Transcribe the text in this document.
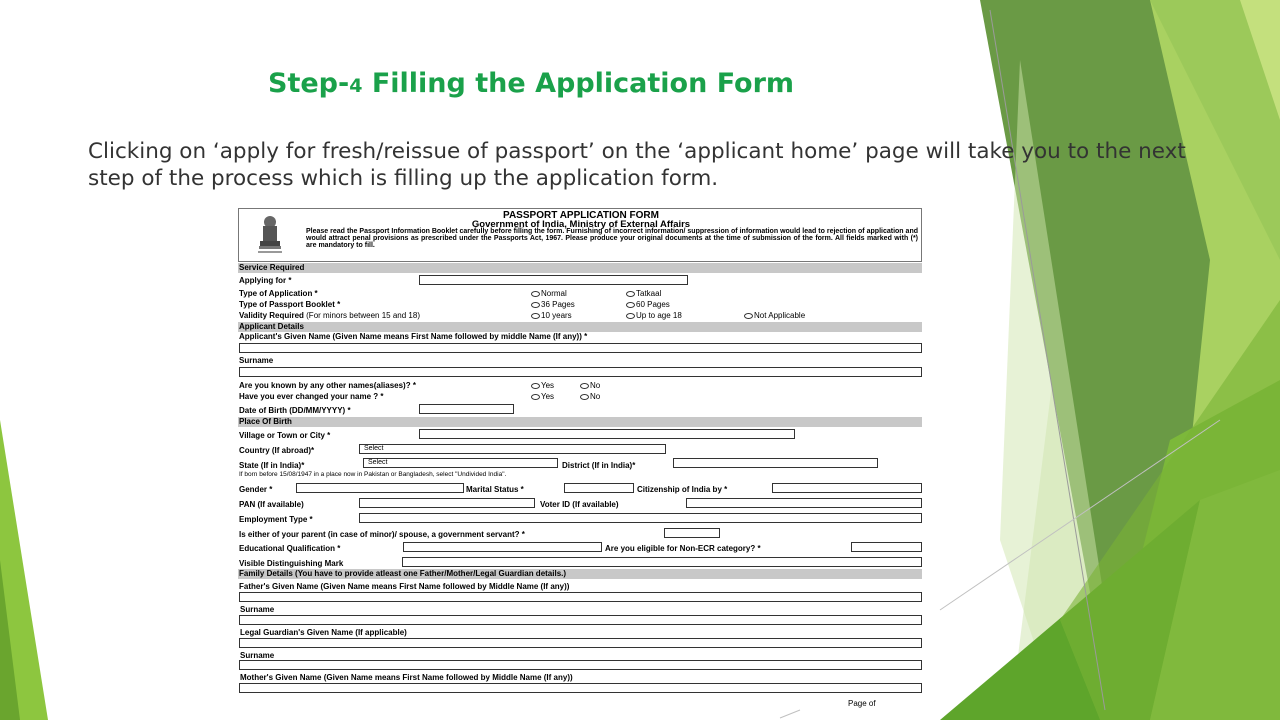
Step-4 Filling the Application Form
Clicking on ‘apply for fresh/reissue of passport’ on the ‘applicant home’ page will take you to the next step of the process which is filling up the application form.
PASSPORT APPLICATION FORM
Government of India, Ministry of External Affairs
Please read the Passport Information Booklet carefully before filling the form. Furnishing of incorrect information/ suppression of information would lead to rejection of application and would attract penal provisions as prescribed under the Passports Act, 1967. Please produce your original documents at the time of submission of the form. All fields marked with (*) are mandatory to fill.
Service Required
Applying for *
Type of Application *	Normal	Tatkaal
Type of Passport Booklet *	36 Pages	60 Pages
Validity Required (For minors between 15 and 18)	10 years	Up to age 18	Not Applicable
Applicant Details
Applicant's Given Name (Given Name means First Name followed by middle Name (If any)) *
Surname
Are you known by any other names(aliases)? *	Yes	No
Have you ever changed your name ? *	Yes	No
Date of Birth (DD/MM/YYYY) *
Place Of Birth
Village or Town or City *
Country (If abroad)*	Select
State (If in India)*	Select	District (If in India)*
If born before 15/08/1947 in a place now in Pakistan or Bangladesh, select "Undivided India".
Gender *	Marital Status *	Citizenship of India by *
PAN (If available)	Voter ID (If available)
Employment Type *
Is either of your parent (in case of minor)/ spouse, a government servant? *
Educational Qualification *	Are you eligible for Non-ECR category? *
Visible Distinguishing Mark
Family Details (You have to provide atleast one Father/Mother/Legal Guardian details.)
Father's Given Name (Given Name means First Name followed by Middle Name (If any))
Surname
Legal Guardian's Given Name (If applicable)
Surname
Mother's Given Name (Given Name means First Name followed by Middle Name (If any))
Page of
